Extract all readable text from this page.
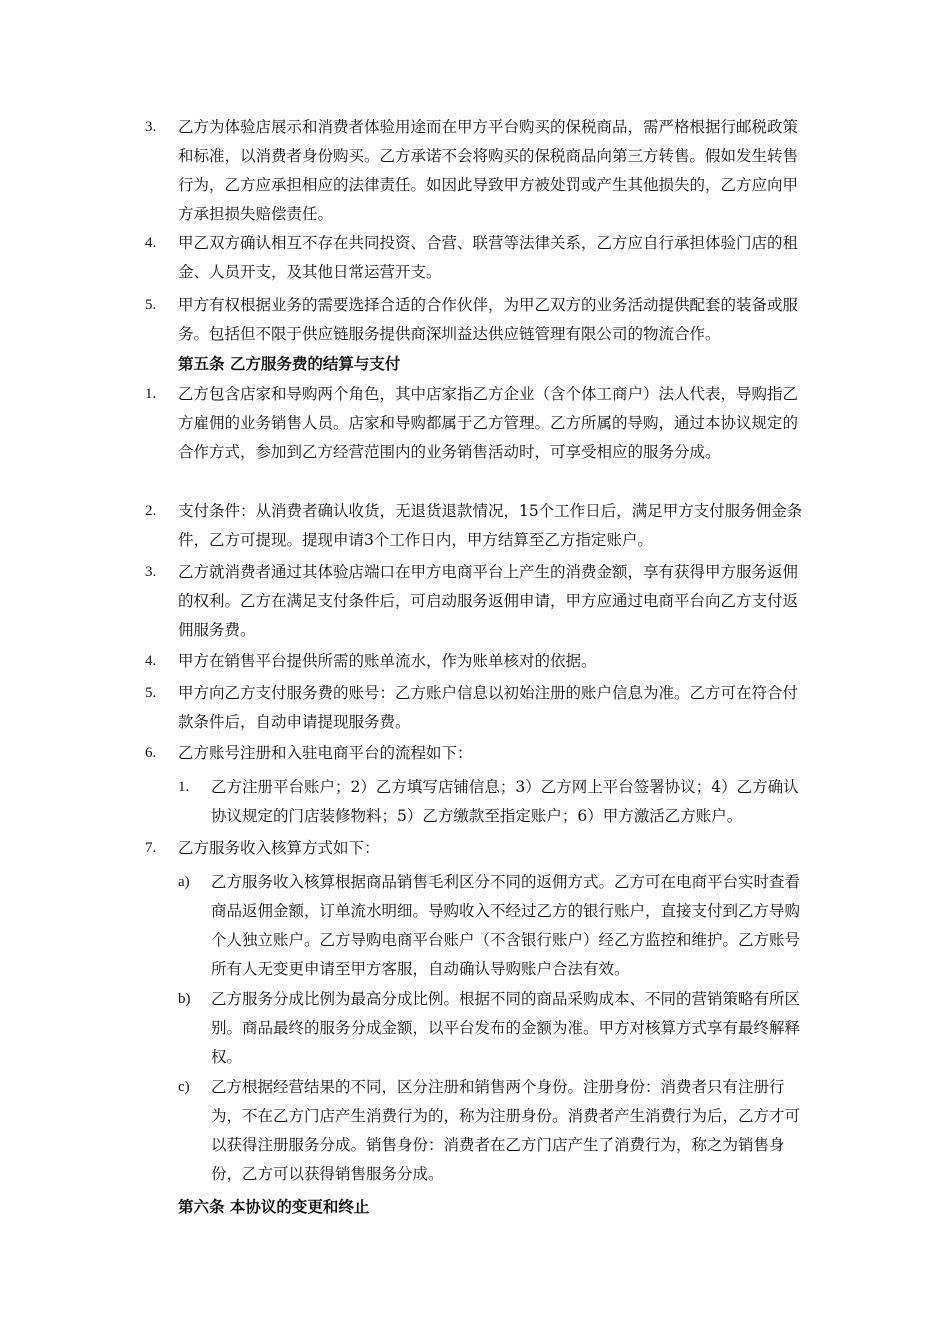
3. 乙方为体验店展示和消费者体验用途而在甲方平台购买的保税商品，需严格根据行邮税政策和标准，以消费者身份购买。乙方承诺不会将购买的保税商品向第三方转售。假如发生转售行为，乙方应承担相应的法律责任。如因此导致甲方被处罚或产生其他损失的，乙方应向甲方承担损失赔偿责任。
4. 甲乙双方确认相互不存在共同投资、合营、联营等法律关系，乙方应自行承担体验门店的租金、人员开支，及其他日常运营开支。
5. 甲方有权根据业务的需要选择合适的合作伙伴，为甲乙双方的业务活动提供配套的装备或服务。包括但不限于供应链服务提供商深圳益达供应链管理有限公司的物流合作。
第五条 乙方服务费的结算与支付
1. 乙方包含店家和导购两个角色，其中店家指乙方企业（含个体工商户）法人代表，导购指乙方雇佣的业务销售人员。店家和导购都属于乙方管理。乙方所属的导购，通过本协议规定的合作方式，参加到乙方经营范围内的业务销售活动时，可享受相应的服务分成。
2. 支付条件：从消费者确认收货，无退货退款情况，15个工作日后，满足甲方支付服务佣金条件，乙方可提现。提现申请3个工作日内，甲方结算至乙方指定账户。
3. 乙方就消费者通过其体验店端口在甲方电商平台上产生的消费金额，享有获得甲方服务返佣的权利。乙方在满足支付条件后，可启动服务返佣申请，甲方应通过电商平台向乙方支付返佣服务费。
4. 甲方在销售平台提供所需的账单流水，作为账单核对的依据。
5. 甲方向乙方支付服务费的账号：乙方账户信息以初始注册的账户信息为准。乙方可在符合付款条件后，自动申请提现服务费。
6. 乙方账号注册和入驻电商平台的流程如下：
1. 乙方注册平台账户；2）乙方填写店铺信息；3）乙方网上平台签署协议；4）乙方确认协议规定的门店装修物料；5）乙方缴款至指定账户；6）甲方激活乙方账户。
7. 乙方服务收入核算方式如下：
a) 乙方服务收入核算根据商品销售毛利区分不同的返佣方式。乙方可在电商平台实时查看商品返佣金额，订单流水明细。导购收入不经过乙方的银行账户，直接支付到乙方导购个人独立账户。乙方导购电商平台账户（不含银行账户）经乙方监控和维护。乙方账号所有人无变更申请至甲方客服，自动确认导购账户合法有效。
b) 乙方服务分成比例为最高分成比例。根据不同的商品采购成本、不同的营销策略有所区别。商品最终的服务分成金额，以平台发布的金额为准。甲方对核算方式享有最终解释权。
c) 乙方根据经营结果的不同，区分注册和销售两个身份。注册身份：消费者只有注册行为，不在乙方门店产生消费行为的，称为注册身份。消费者产生消费行为后，乙方才可以获得注册服务分成。销售身份：消费者在乙方门店产生了消费行为，称之为销售身份，乙方可以获得销售服务分成。
第六条 本协议的变更和终止
